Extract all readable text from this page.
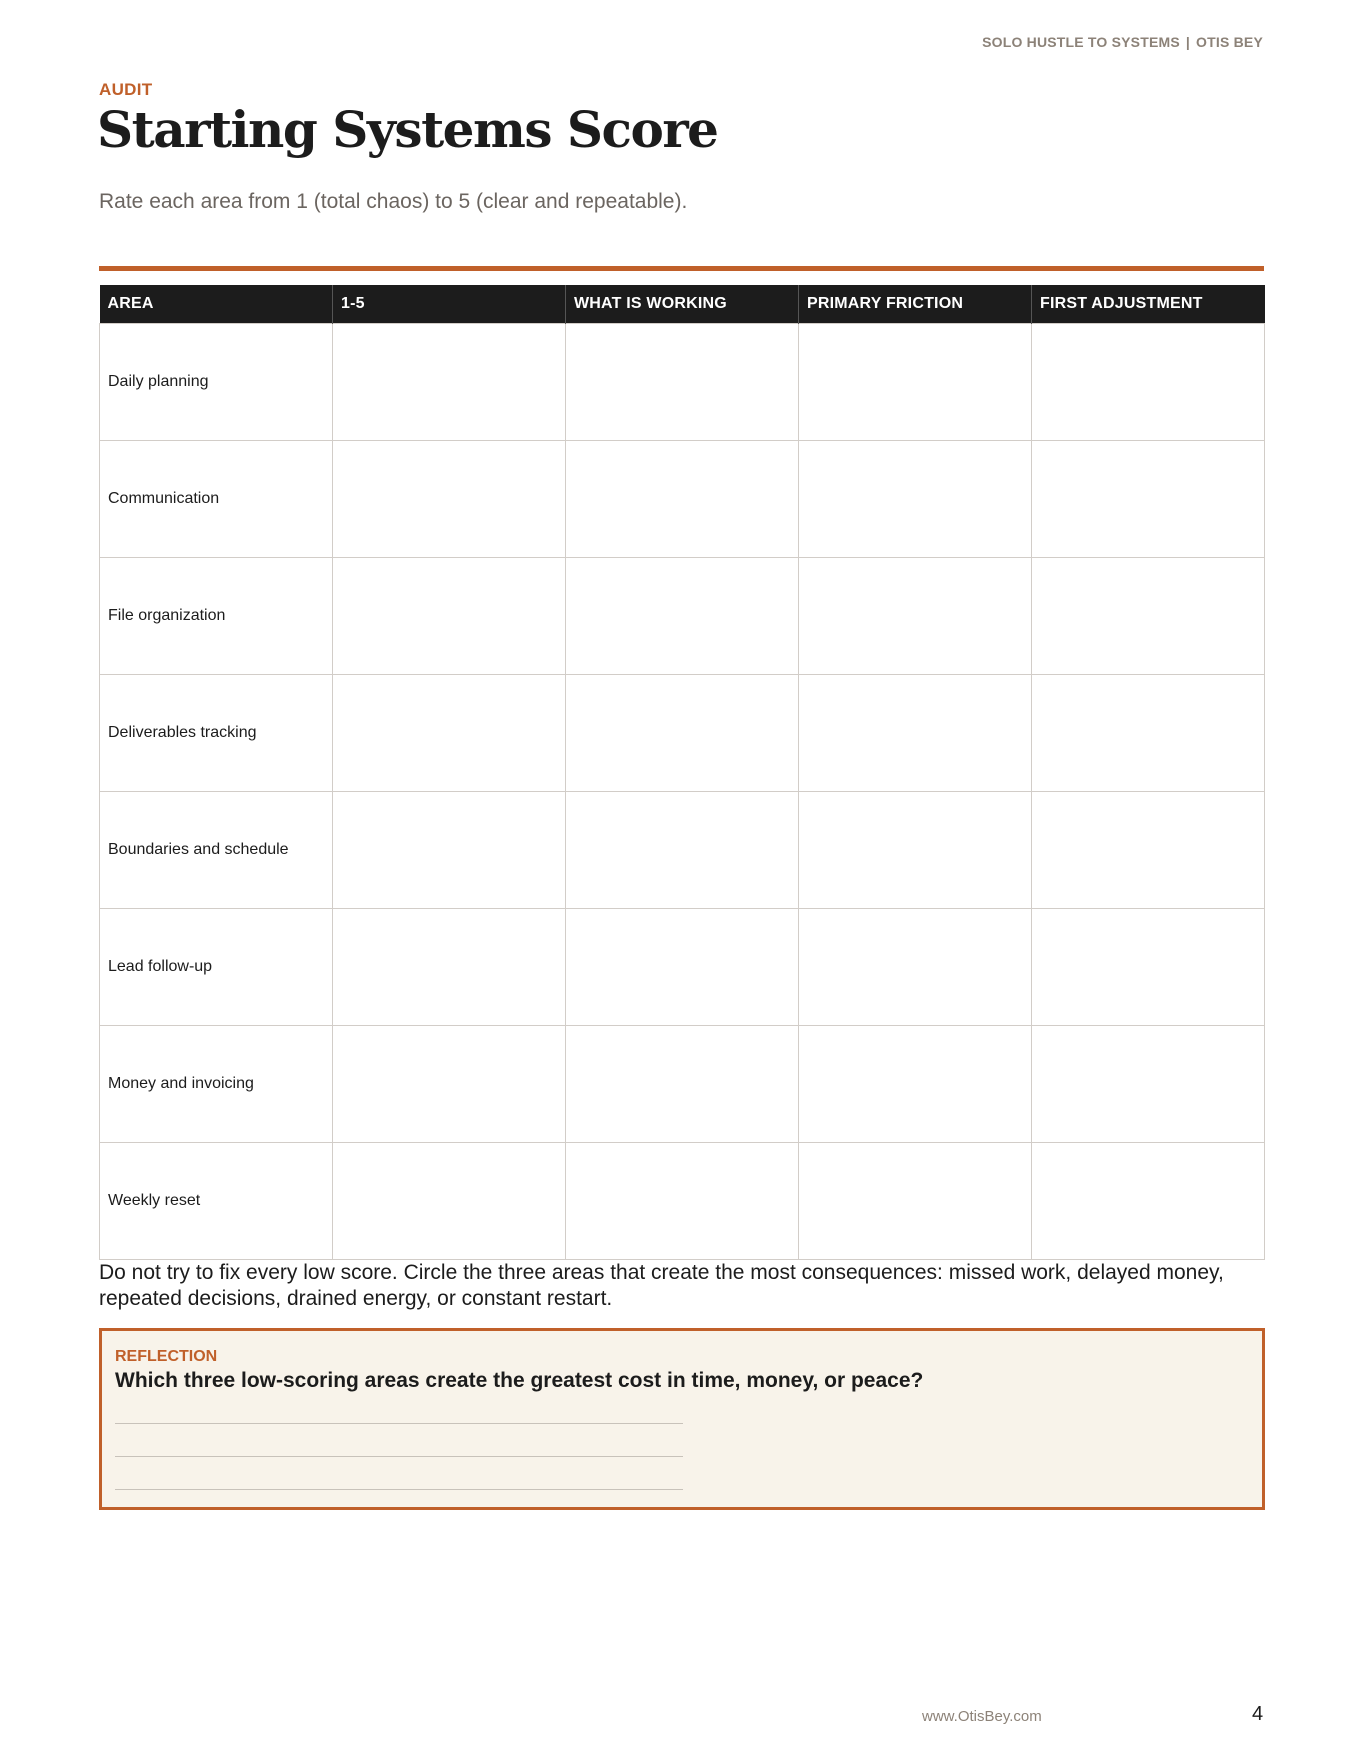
SOLO HUSTLE TO SYSTEMS | OTIS BEY
AUDIT
Starting Systems Score
Rate each area from 1 (total chaos) to 5 (clear and repeatable).
AREA	1-5	WHAT IS WORKING	PRIMARY FRICTION	FIRST ADJUSTMENT
Daily planning				
Communication				
File organization				
Deliverables tracking				
Boundaries and schedule				
Lead follow-up				
Money and invoicing				
Weekly reset				

Do not try to fix every low score. Circle the three areas that create the most consequences: missed work, delayed money, repeated decisions, drained energy, or constant restart.

REFLECTION
Which three low-scoring areas create the greatest cost in time, money, or peace?
www.OtisBey.com	4
